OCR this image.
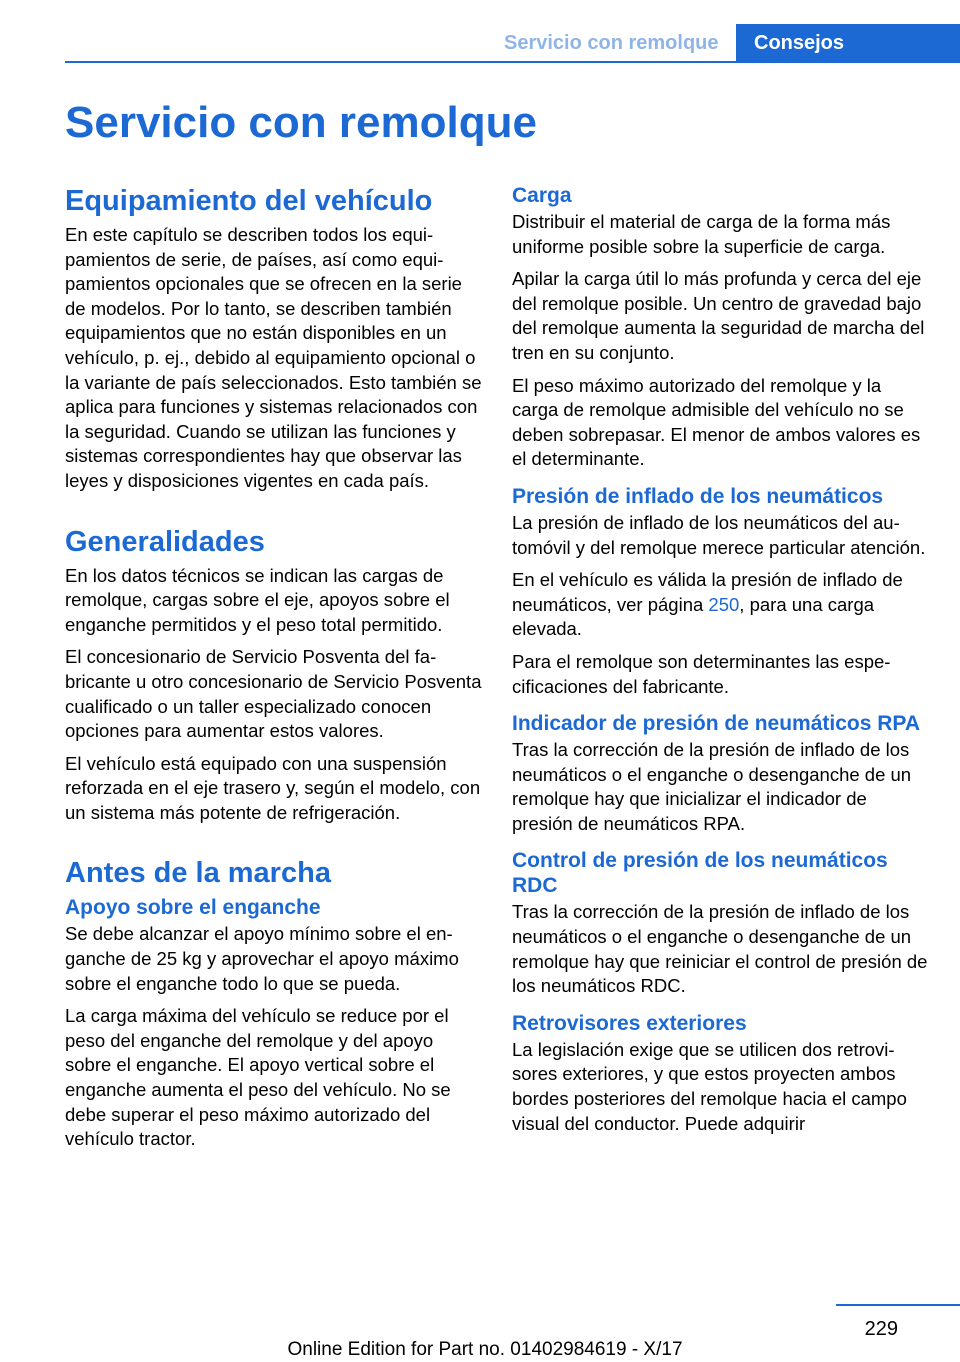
Servicio con remolque	Consejos
Servicio con remolque
Equipamiento del vehículo

En este capítulo se describen todos los equipamientos de serie, de países, así como equipamientos opcionales que se ofrecen en la serie de modelos. Por lo tanto, se describen también equipamientos que no están disponibles en un vehículo, p. ej., debido al equipamiento opcional o la variante de país seleccionados. Esto también se aplica para funciones y sistemas relacionados con la seguridad. Cuando se utilizan las funciones y sistemas correspondientes hay que observar las leyes y disposiciones vigentes en cada país.

Generalidades

En los datos técnicos se indican las cargas de remolque, cargas sobre el eje, apoyos sobre el enganche permitidos y el peso total permitido.

El concesionario de Servicio Posventa del fabricante u otro concesionario de Servicio Posventa cualificado o un taller especializado conocen opciones para aumentar estos valores.

El vehículo está equipado con una suspensión reforzada en el eje trasero y, según el modelo, con un sistema más potente de refrigeración.

Antes de la marcha
Apoyo sobre el enganche

Se debe alcanzar el apoyo mínimo sobre el enganche de 25 kg y aprovechar el apoyo máximo sobre el enganche todo lo que se pueda.

La carga máxima del vehículo se reduce por el peso del enganche del remolque y del apoyo sobre el enganche. El apoyo vertical sobre el enganche aumenta el peso del vehículo. No se debe superar el peso máximo autorizado del vehículo tractor.

Carga

Distribuir el material de carga de la forma más uniforme posible sobre la superficie de carga.

Apilar la carga útil lo más profunda y cerca del eje del remolque posible. Un centro de gravedad bajo del remolque aumenta la seguridad de marcha del tren en su conjunto.

El peso máximo autorizado del remolque y la carga de remolque admisible del vehículo no se deben sobrepasar. El menor de ambos valores es el determinante.

Presión de inflado de los neumáticos

La presión de inflado de los neumáticos del automóvil y del remolque merece particular atención.

En el vehículo es válida la presión de inflado de neumáticos, ver página 250, para una carga elevada.

Para el remolque son determinantes las especificaciones del fabricante.

Indicador de presión de neumáticos RPA

Tras la corrección de la presión de inflado de los neumáticos o el enganche o desenganche de un remolque hay que inicializar el indicador de presión de neumáticos RPA.

Control de presión de los neumáticos RDC

Tras la corrección de la presión de inflado de los neumáticos o el enganche o desenganche de un remolque hay que reiniciar el control de presión de los neumáticos RDC.

Retrovisores exteriores

La legislación exige que se utilicen dos retrovisores exteriores, y que estos proyecten ambos bordes posteriores del remolque hacia el campo visual del conductor. Puede adquirir

229
Online Edition for Part no. 01402984619 - X/17
